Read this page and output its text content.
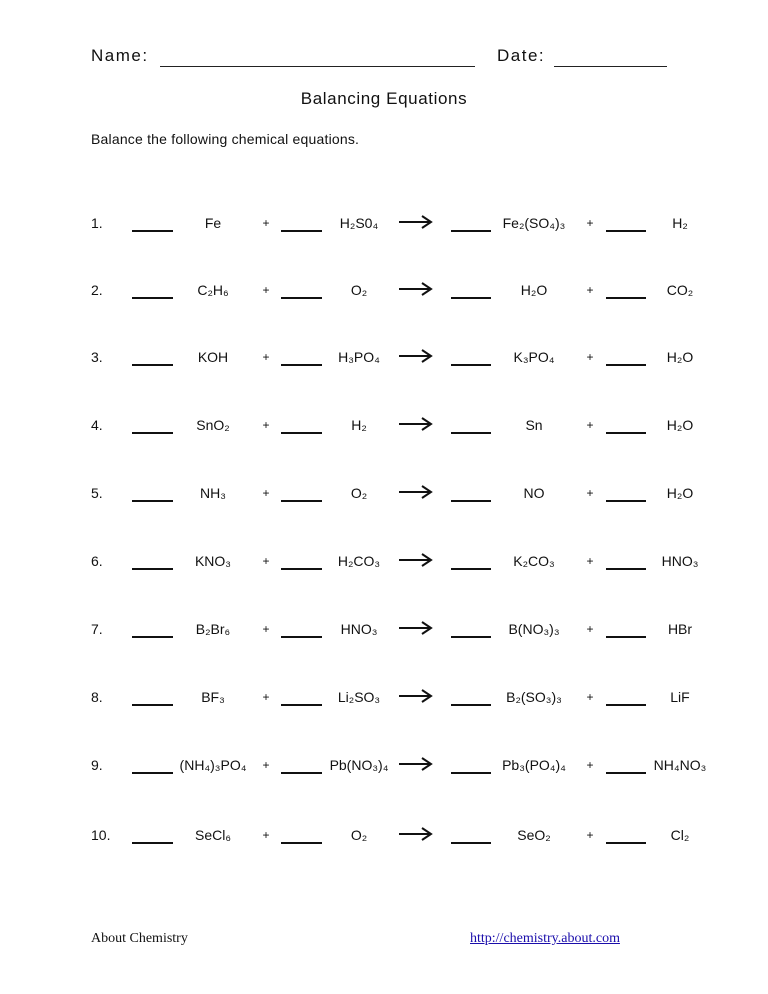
Name:	Date:
Balancing Equations
Balance the following chemical equations.
1.	Fe	+	H₂S0₄	→	Fe₂(SO₄)₃	+	H₂
2.	C₂H₆	+	O₂	H₂O	+	CO₂
3.	KOH	+	H₃PO₄	→	K₃PO₄	+	H₂O
4.	SnO₂	+	H₂	Sn	+	H₂O
5.	NH₃	+	O₂	NO	+	H₂O
6.	KNO₃	+	H₂CO₃	→	K₂CO₃	+	HNO₃
7.	B₂Br₆	+	HNO₃	→	B(NO₃)₃	+	HBr
8.	BF₃	+	Li₂SO₃	→	B₂(SO₃)₃	+	LiF
9.	(NH₄)₃PO₄	+	Pb(NO₃)₄ →	Pb₃(PO₄)₄	+	NH₄NO₃
10.	SeCl₆	+	O₂	SeO₂	+	Cl₂
About Chemistry	http://chemistry.about.com
